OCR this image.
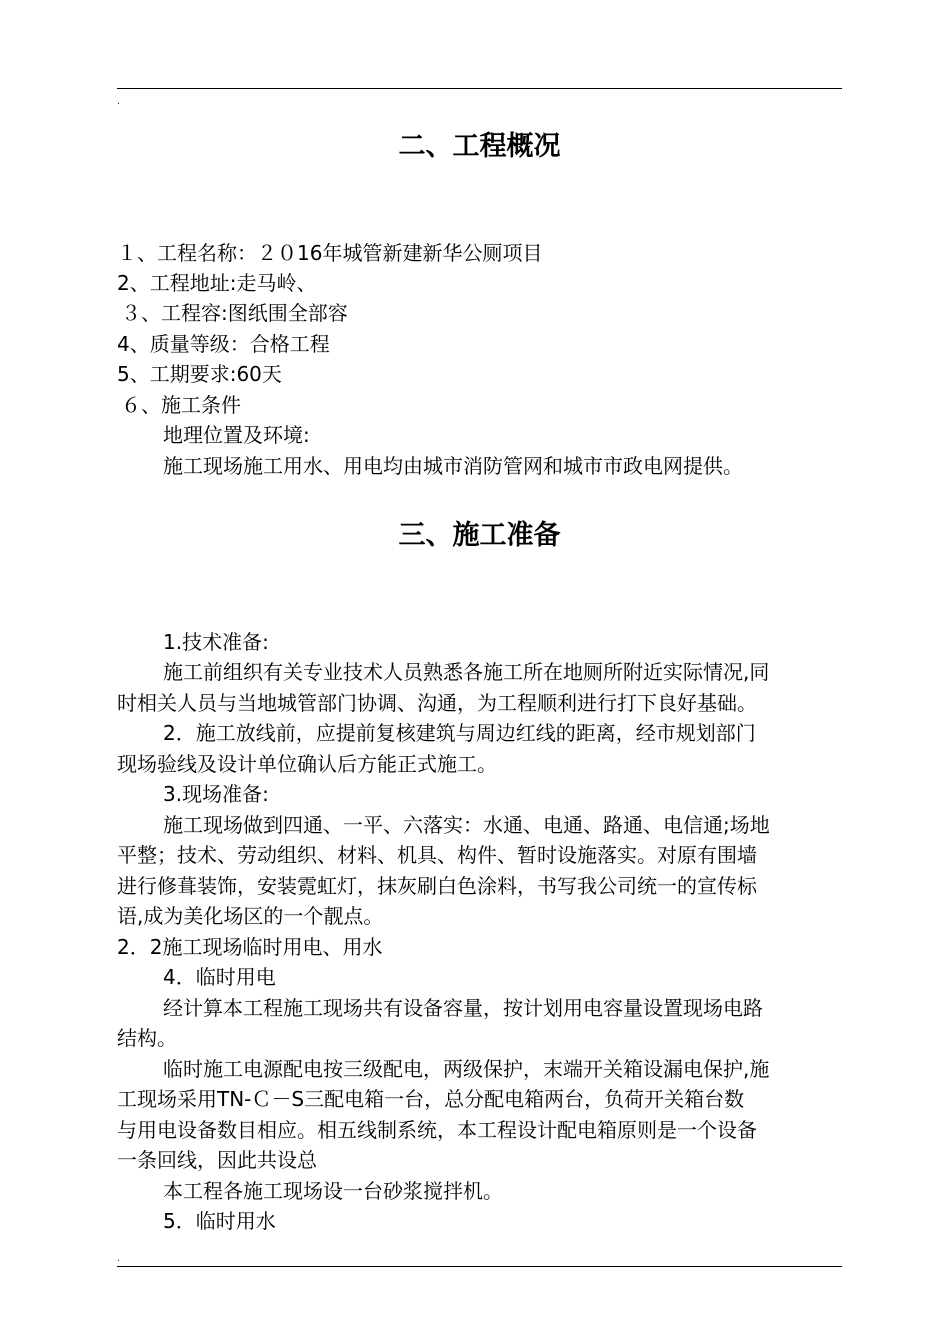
.
二、工程概况
１、工程名称：２０16年城管新建新华公厕项目
2、工程地址:走马岭、
３、工程容:图纸围全部容
4、质量等级：合格工程
5、工期要求:60天
６、施工条件
地理位置及环境:
施工现场施工用水、用电均由城市消防管网和城市市政电网提供。
三、施工准备
1.技术准备:
施工前组织有关专业技术人员熟悉各施工所在地厕所附近实际情况,同
时相关人员与当地城管部门协调、沟通，为工程顺利进行打下良好基础。
2．施工放线前，应提前复核建筑与周边红线的距离，经市规划部门
现场验线及设计单位确认后方能正式施工。
3.现场准备:
施工现场做到四通、一平、六落实：水通、电通、路通、电信通;场地
平整；技术、劳动组织、材料、机具、构件、暂时设施落实。对原有围墙
进行修葺装饰，安装霓虹灯，抹灰刷白色涂料，书写我公司统一的宣传标
语,成为美化场区的一个靓点。
2．2施工现场临时用电、用水
4．临时用电
经计算本工程施工现场共有设备容量，按计划用电容量设置现场电路
结构。
临时施工电源配电按三级配电，两级保护，末端开关箱设漏电保护,施
工现场采用TN-Ｃ－S三配电箱一台，总分配电箱两台，负荷开关箱台数
与用电设备数目相应。相五线制系统，本工程设计配电箱原则是一个设备
一条回线，因此共设总
本工程各施工现场设一台砂浆搅拌机。
5．临时用水
.
